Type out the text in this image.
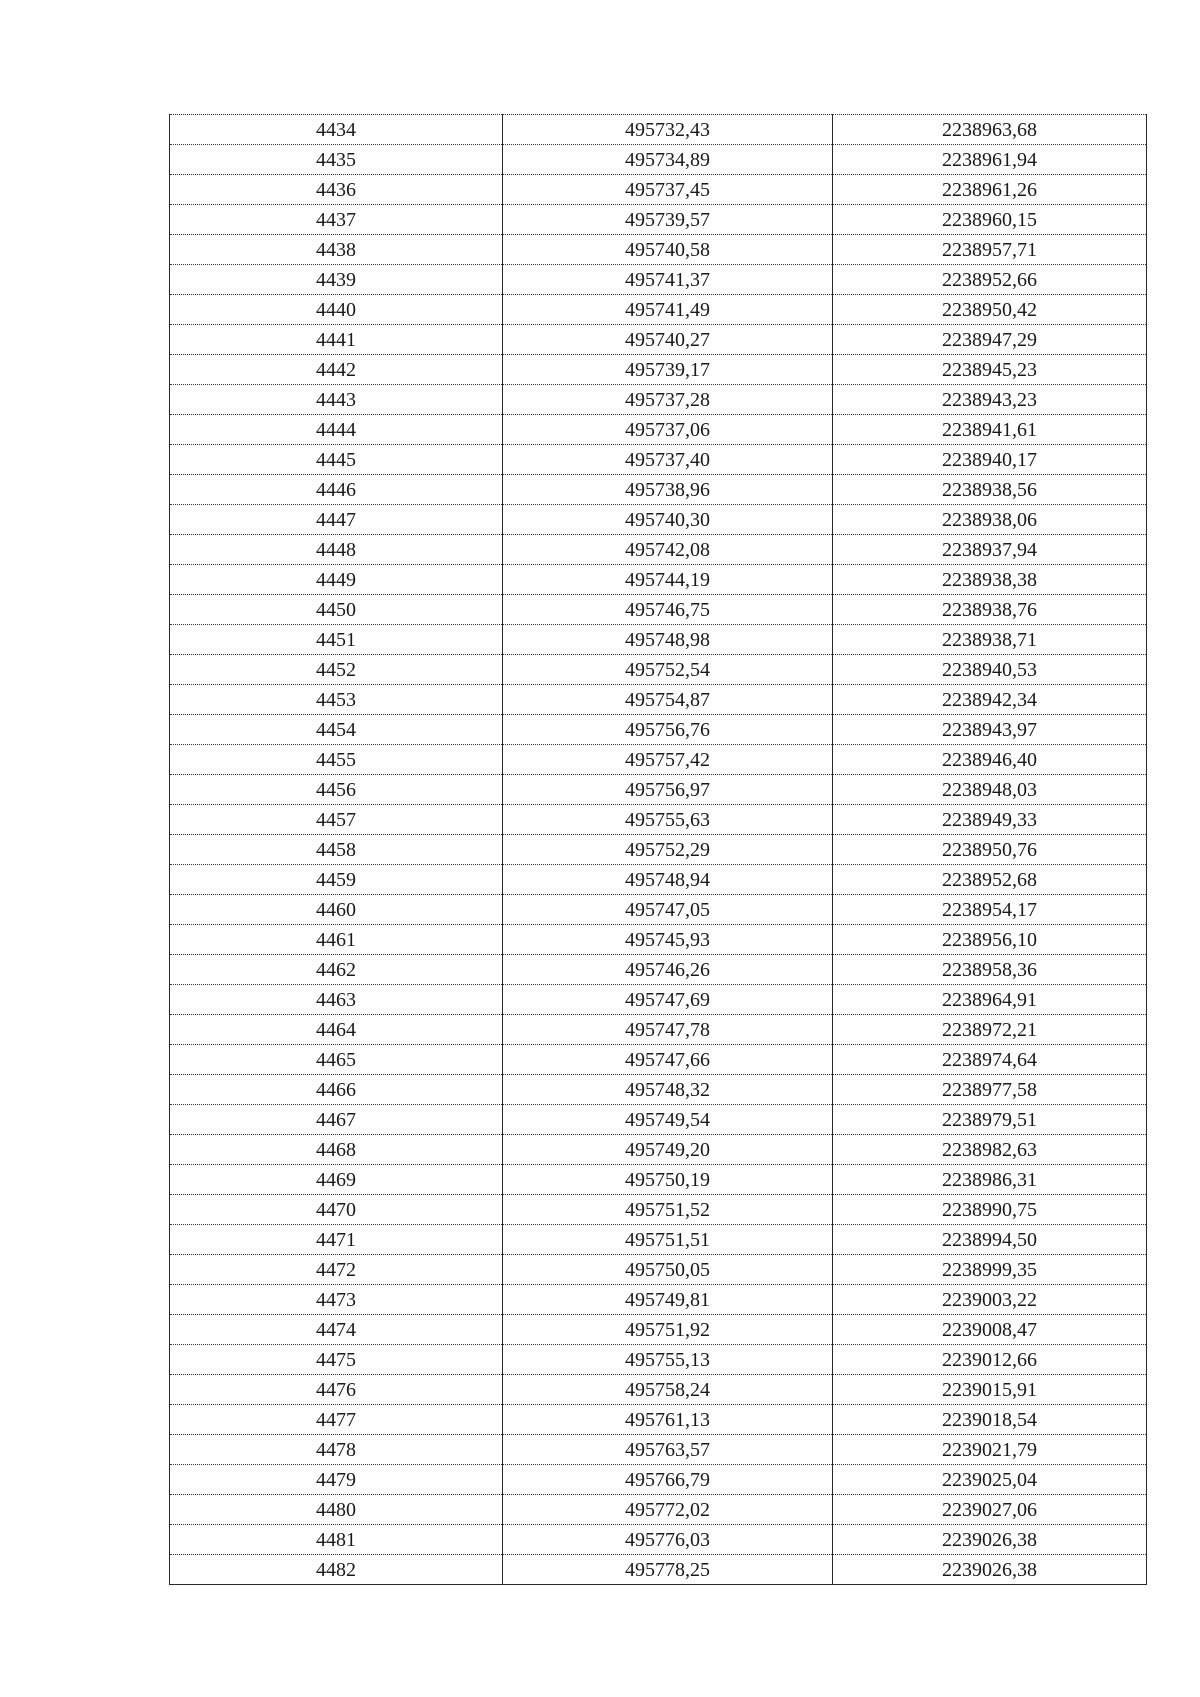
4434	495732,43	2238963,68
4435	495734,89	2238961,94
4436	495737,45	2238961,26
4437	495739,57	2238960,15
4438	495740,58	2238957,71
4439	495741,37	2238952,66
4440	495741,49	2238950,42
4441	495740,27	2238947,29
4442	495739,17	2238945,23
4443	495737,28	2238943,23
4444	495737,06	2238941,61
4445	495737,40	2238940,17
4446	495738,96	2238938,56
4447	495740,30	2238938,06
4448	495742,08	2238937,94
4449	495744,19	2238938,38
4450	495746,75	2238938,76
4451	495748,98	2238938,71
4452	495752,54	2238940,53
4453	495754,87	2238942,34
4454	495756,76	2238943,97
4455	495757,42	2238946,40
4456	495756,97	2238948,03
4457	495755,63	2238949,33
4458	495752,29	2238950,76
4459	495748,94	2238952,68
4460	495747,05	2238954,17
4461	495745,93	2238956,10
4462	495746,26	2238958,36
4463	495747,69	2238964,91
4464	495747,78	2238972,21
4465	495747,66	2238974,64
4466	495748,32	2238977,58
4467	495749,54	2238979,51
4468	495749,20	2238982,63
4469	495750,19	2238986,31
4470	495751,52	2238990,75
4471	495751,51	2238994,50
4472	495750,05	2238999,35
4473	495749,81	2239003,22
4474	495751,92	2239008,47
4475	495755,13	2239012,66
4476	495758,24	2239015,91
4477	495761,13	2239018,54
4478	495763,57	2239021,79
4479	495766,79	2239025,04
4480	495772,02	2239027,06
4481	495776,03	2239026,38
4482	495778,25	2239026,38
